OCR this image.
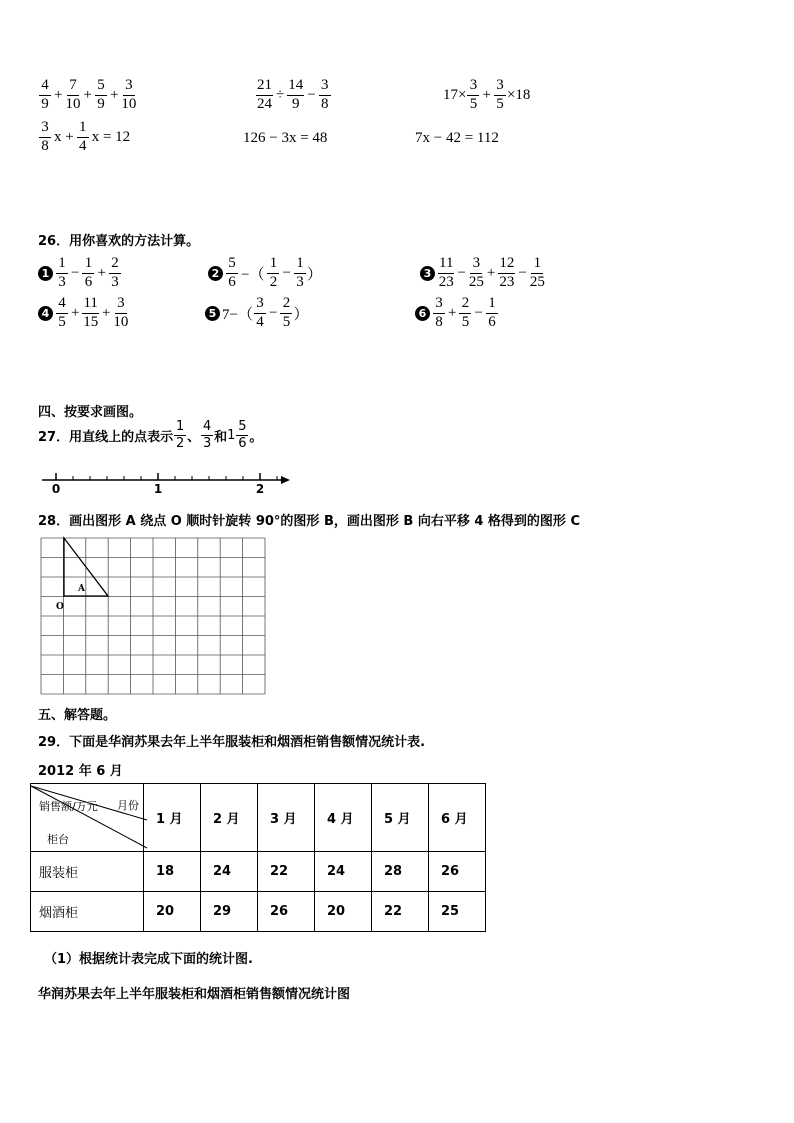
$\frac{4}{9} + \frac{7}{10} + \frac{5}{9} + \frac{3}{10}$	$\frac{21}{24} \div \frac{14}{9} - \frac{3}{8}$	$17\times \frac{3}{5} + \frac{3}{5} \times 18$
$\frac{3}{8}$ $x + \frac{1}{4}$ x = 12	126 − 3x = 48	7x − 42 = 112
26．用你喜欢的方法计算。
$1 \frac{1}{3} - \frac{1}{6} + \frac{2}{3}$	$2 \frac{5}{6}$ −（ $\frac{1}{2} - \frac{1}{3}$ ）	$3 \frac{11}{23} - \frac{3}{25} + \frac{12}{23} - \frac{1}{25}$
$4 \frac{4}{5} + \frac{11}{15} + \frac{3}{10}$	5 $7-( \frac{3}{4} - \frac{2}{5}$ ）	$6 \frac{3}{8} + \frac{2}{5} - \frac{1}{6}$
四、按要求画图。
27．用直线上的点表示 $\frac{1}{2}$ 、 $\frac{4}{3}$ 和 $1 \frac{5}{6}$ 。
0	1	2
28．画出图形 A 绕点 O 顺时针旋转 90°的图形 B，画出图形 B 向右平移 4 格得到的图形 C
A
O
五、解答题。
29．下面是华润苏果去年上半年服装柜和烟酒柜销售额情况统计表.
2012 年 6 月
销售额/万元 月份
柜台	1 月	2 月	3 月	4 月	5 月	6 月
服装柜	18	24	22	24	28	26
烟酒柜	20	29	26	20	22	25
（1）根据统计表完成下面的统计图.
华润苏果去年上半年服装柜和烟酒柜销售额情况统计图
